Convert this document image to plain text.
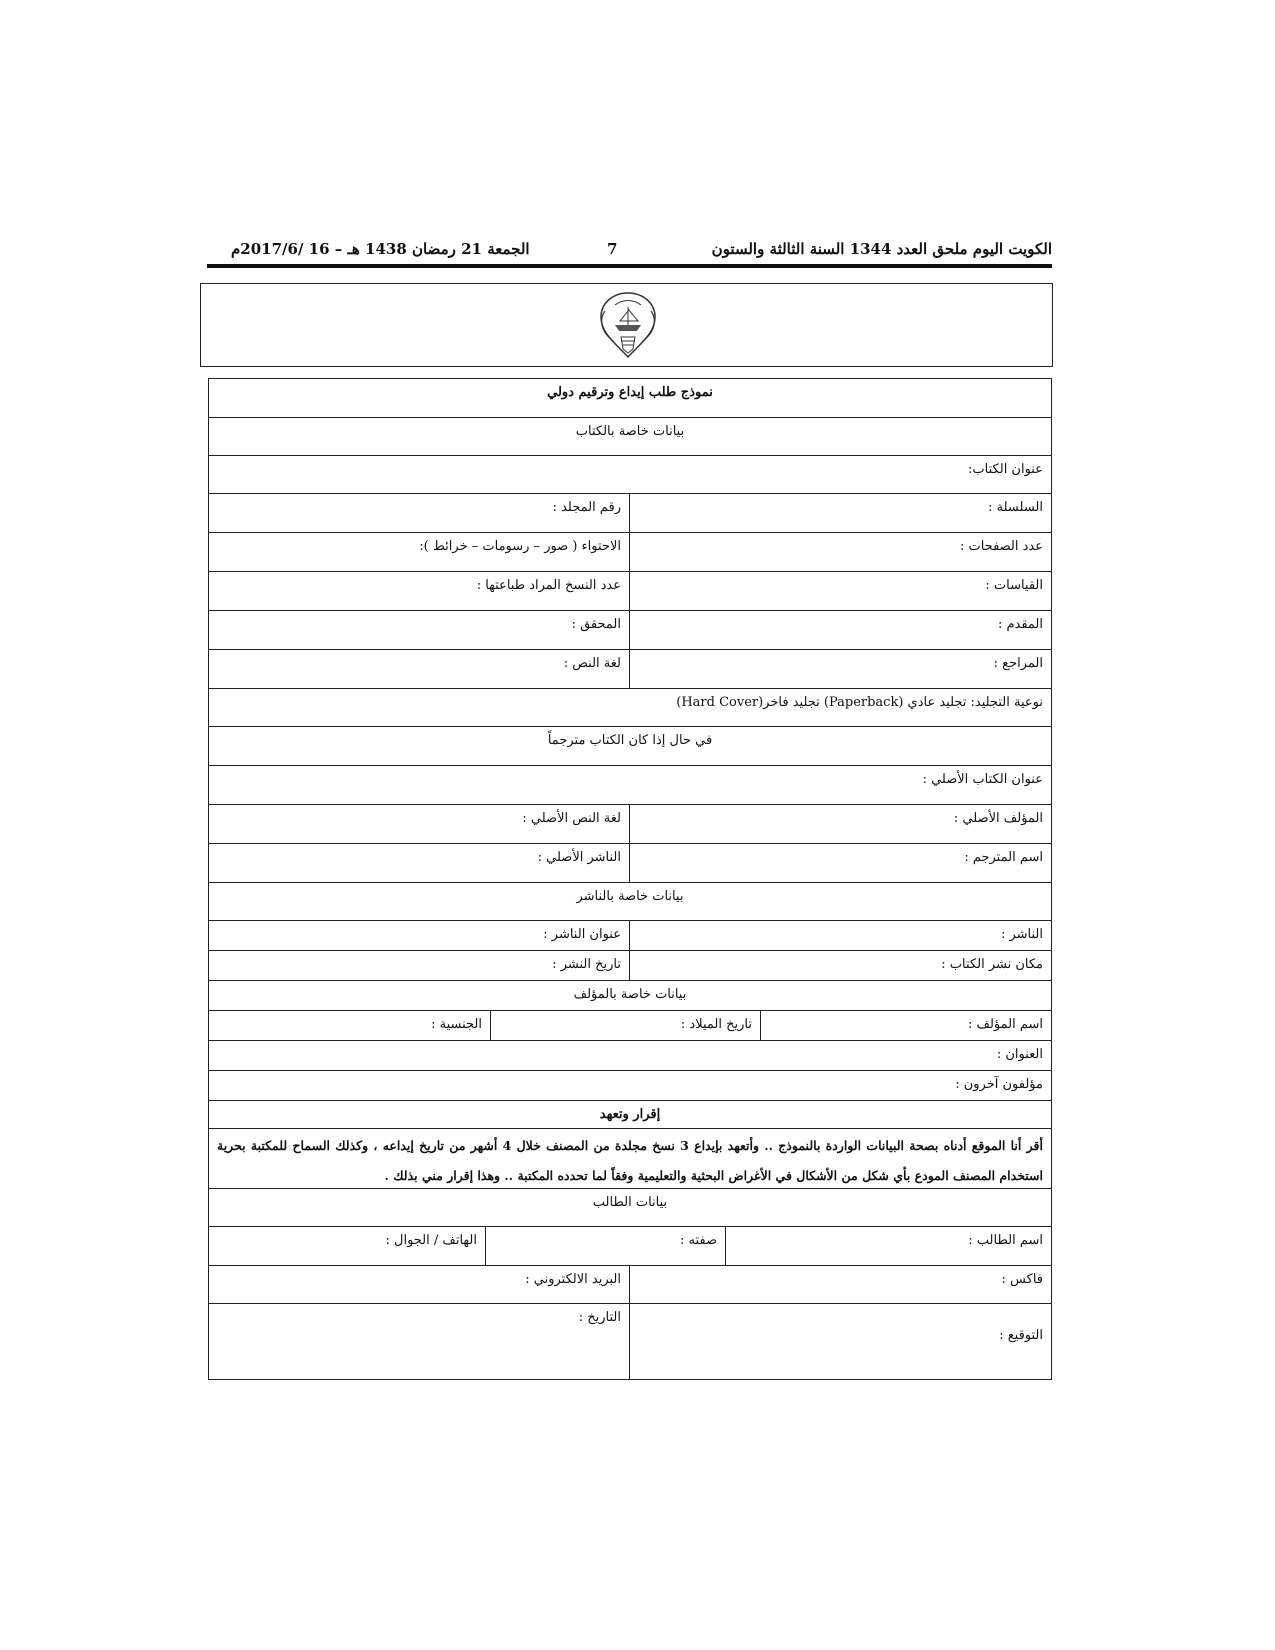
الكويت اليوم ملحق العدد 1344 السنة الثالثة والستون
7
الجمعة 21 رمضان 1438 هـ – 16 /2017/6م
نموذج طلب إيداع وترقيم دولي
بيانات خاصة بالكتاب
عنوان الكتاب:
السلسلة :
رقم المجلد :
عدد الصفحات :
الاحتواء ( صور – رسومات – خرائط ):
القياسات :
عدد النسخ المراد طباعتها :
المقدم :
المحقق :
المراجع :
لغة النص :
نوعية التجليد: تجليد عادي (Paperback) تجليد فاخر(Hard Cover)
في حال إذا كان الكتاب مترجماً
عنوان الكتاب الأصلي :
المؤلف الأصلي :
لغة النص الأصلي :
اسم المترجم :
الناشر الأصلي :
بيانات خاصة بالناشر
الناشر :
عنوان الناشر :
مكان نشر الكتاب :
تاريخ النشر :
بيانات خاصة بالمؤلف
اسم المؤلف :
تاريخ الميلاد :
الجنسية :
العنوان :
مؤلفون آخرون :
إقرار وتعهد
أقر أنا الموقع أدناه بصحة البيانات الواردة بالنموذج .. وأتعهد بإيداع 3 نسخ مجلدة من المصنف خلال 4 أشهر من تاريخ إيداعه ، وكذلك السماح للمكتبة بحرية استخدام المصنف المودع بأي شكل من الأشكال في الأغراض البحثية والتعليمية وفقاً لما تحدده المكتبة .. وهذا إقرار مني بذلك .
بيانات الطالب
اسم الطالب :
صفته :
الهاتف / الجوال :
فاكس :
البريد الالكتروني :
التوقيع :
التاريخ :
